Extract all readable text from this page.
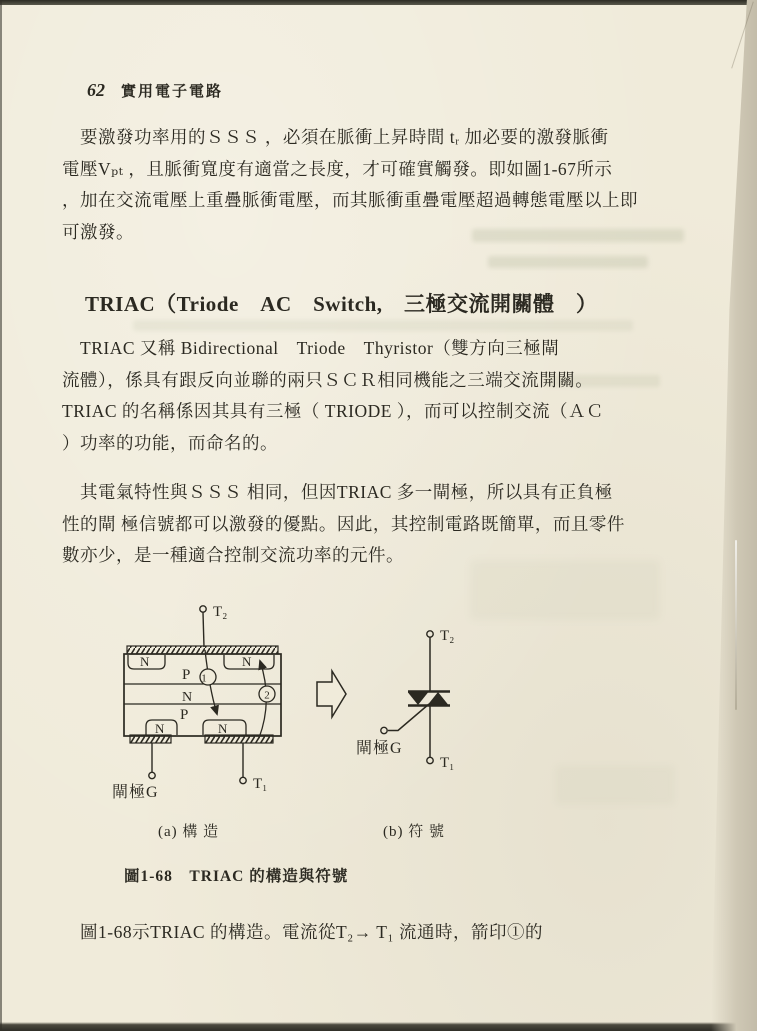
62 實用電子電路
　要激發功率用的ＳＳＳ ，必須在脈衝上昇時間 tᵣ 加必要的激發脈衝
電壓Vₚₜ ，且脈衝寬度有適當之長度，才可確實觸發。即如圖1-67所示
，加在交流電壓上重疊脈衝電壓，而其脈衝重疊電壓超過轉態電壓以上即
可激發。
TRIAC（Triode　AC　Switch,　三極交流開關體　）
　TRIAC 又稱 Bidirectional　Triode　Thyristor（雙方向三極閘
流體），係具有跟反向並聯的兩只ＳＣＲ相同機能之三端交流開關。
TRIAC 的名稱係因其具有三極（ TRIODE ），而可以控制交流（ＡＣ
）功率的功能，而命名的。
　其電氣特性與ＳＳＳ 相同，但因TRIAC 多一閘極，所以具有正負極
性的閘 極信號都可以激發的優點。因此，其控制電路既簡單，而且零件
數亦少，是一種適合控制交流功率的元件。
T₂
N	N
P
N
P
N	N
1
2
閘極G	T₁
T₂
T₁
閘極G
(a) 構 造	(b) 符 號
圖1-68　TRIAC 的構造與符號
　圖1-68示TRIAC 的構造。電流從T₂→ T₁ 流通時，箭印①的
